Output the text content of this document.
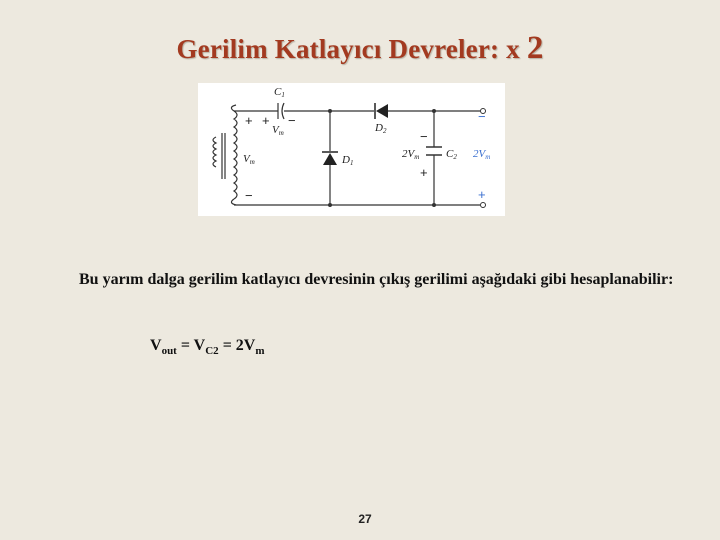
Gerilim Katlayıcı Devreler: x 2
C1
+ −
Vm
+
Vm
−
D1
D2	−
2Vm C2
+
−
2Vm
+
Bu yarım dalga gerilim katlayıcı devresinin çıkış gerilimi aşağıdaki gibi hesaplanabilir:
$V_{out} = V_{C2} = 2V_m$
27
